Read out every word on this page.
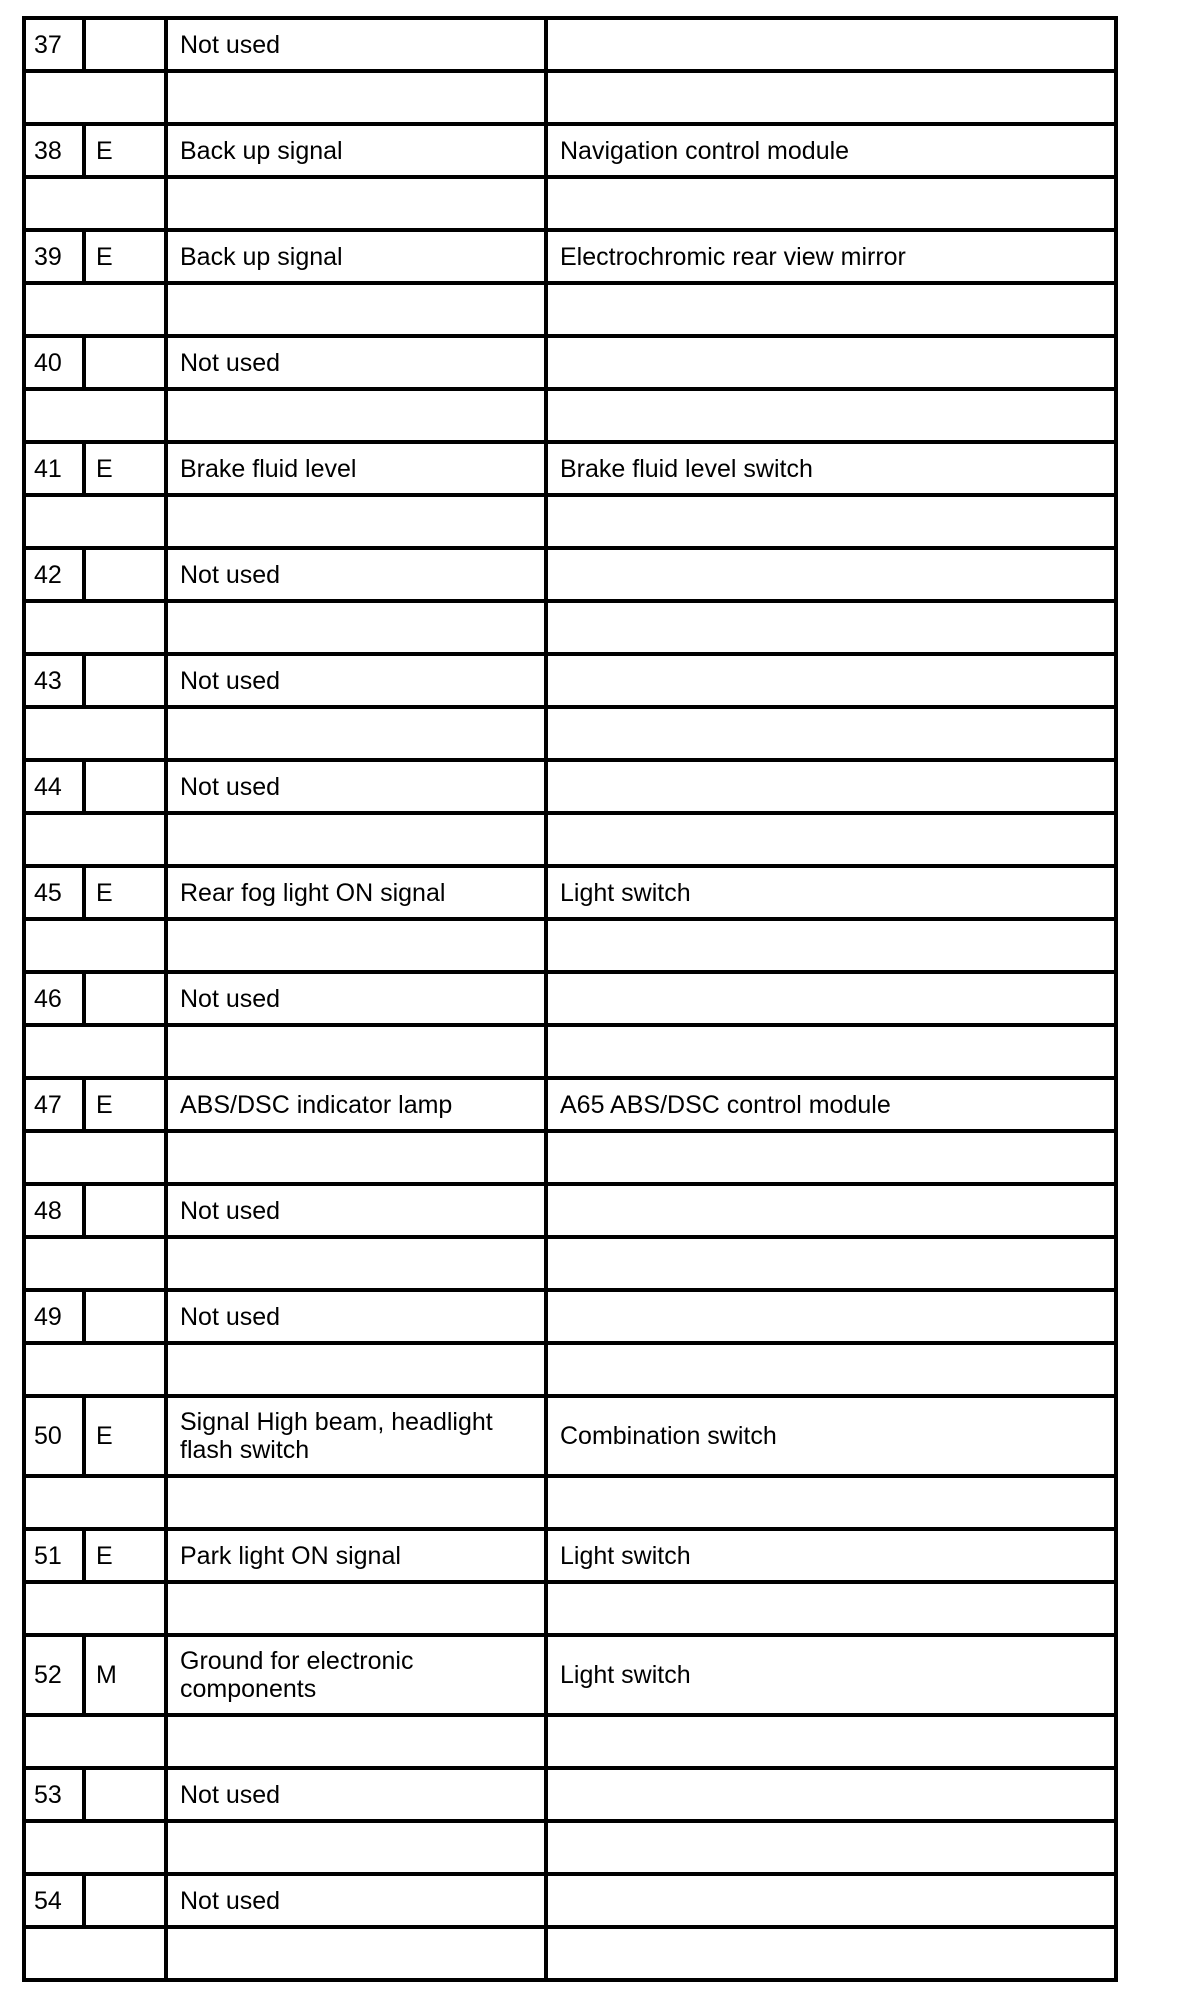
37		Not used	

38	E	Back up signal	Navigation control module

39	E	Back up signal	Electrochromic rear view mirror

40		Not used	

41	E	Brake fluid level	Brake fluid level switch

42		Not used	

43		Not used	

44		Not used	

45	E	Rear fog light ON signal	Light switch

46		Not used	

47	E	ABS/DSC indicator lamp	A65 ABS/DSC control module

48		Not used	

49		Not used	

50	E	Signal High beam, headlight flash switch	Combination switch

51	E	Park light ON signal	Light switch

52	M	Ground for electronic components	Light switch

53		Not used	

54		Not used	
